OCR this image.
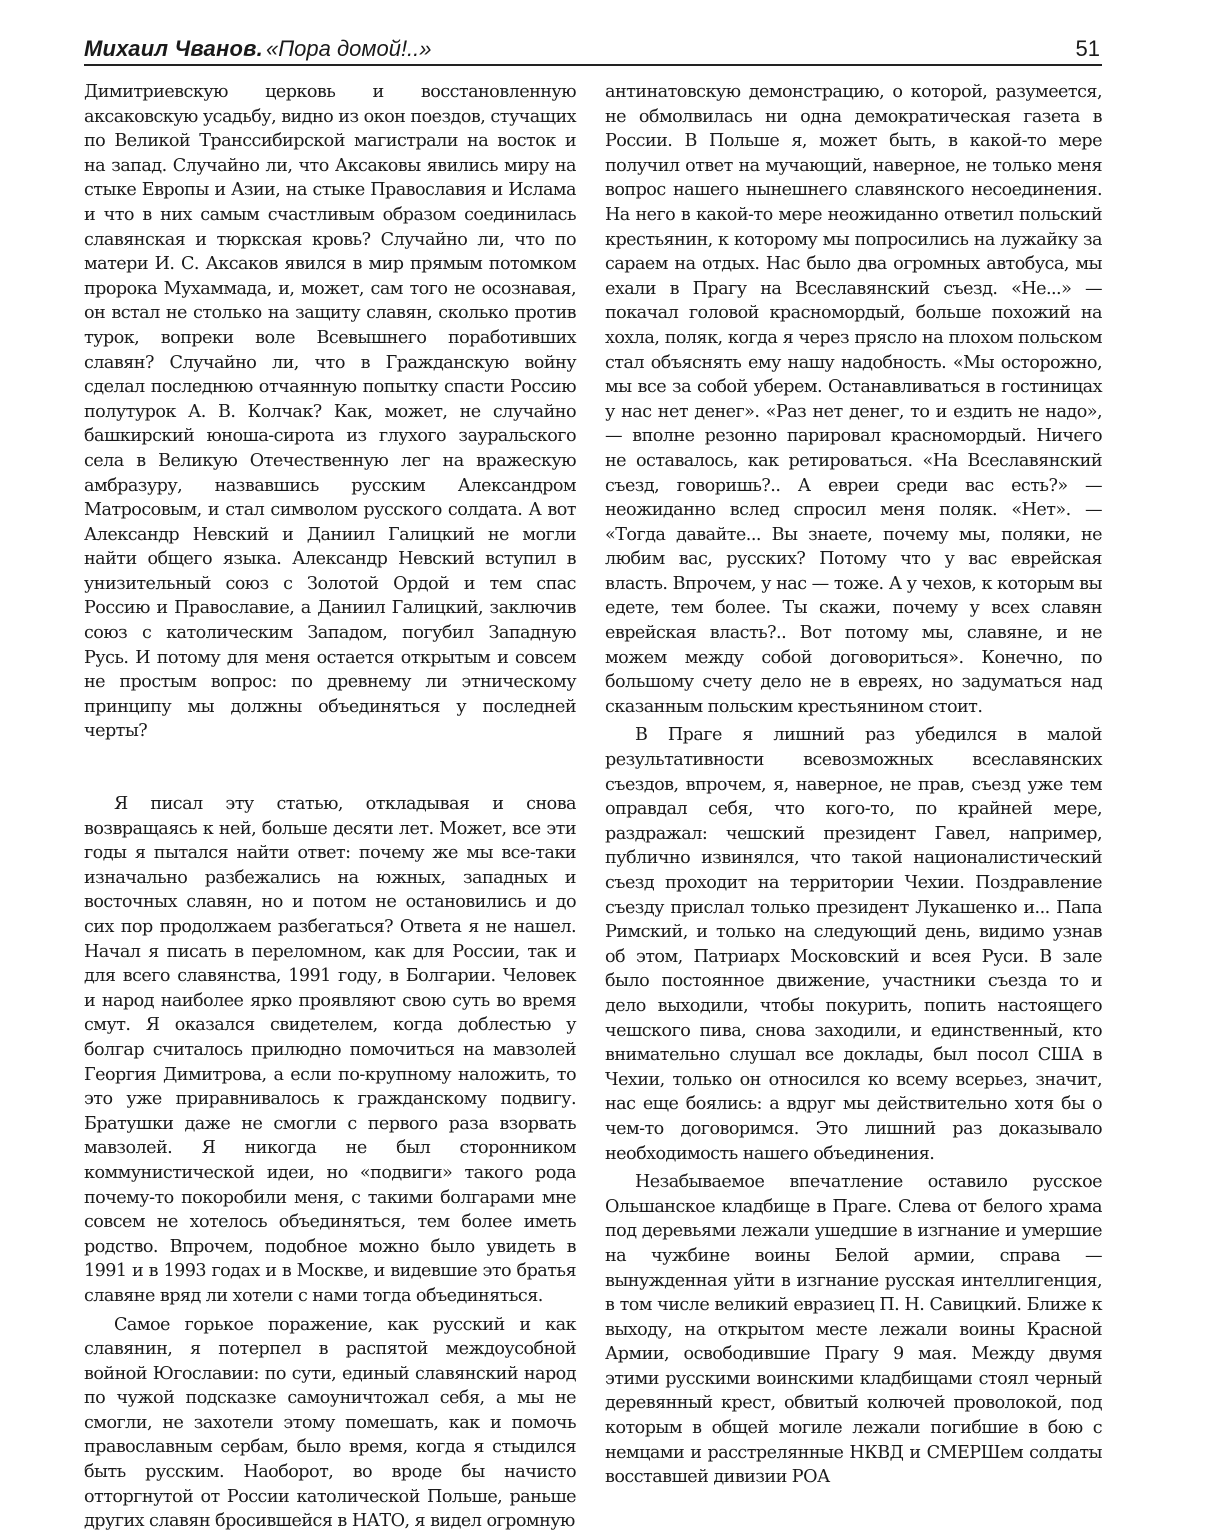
Михаил Чванов. «Пора домой!..»	51

Димитриевскую церковь и восстановленную аксаковскую усадьбу, видно из окон поездов, стучащих по Великой Транссибирской магистрали на восток и на запад. Случайно ли, что Аксаковы явились миру на стыке Европы и Азии, на стыке Православия и Ислама и что в них самым счастливым образом соединилась славянская и тюркская кровь? Случайно ли, что по матери И. С. Аксаков явился в мир прямым потомком пророка Мухаммада, и, может, сам того не осознавая, он встал не столько на защиту славян, сколько против турок, вопреки воле Всевышнего поработивших славян? Случайно ли, что в Гражданскую войну сделал последнюю отчаянную попытку спасти Россию полутурок А. В. Колчак? Как, может, не случайно башкирский юноша-сирота из глухого зауральского села в Великую Отечественную лег на вражескую амбразуру, назвавшись русским Александром Матросовым, и стал символом русского солдата. А вот Александр Невский и Даниил Галицкий не могли найти общего языка. Александр Невский вступил в унизительный союз с Золотой Ордой и тем спас Россию и Православие, а Даниил Галицкий, заключив союз с католическим Западом, погубил Западную Русь. И потому для меня остается открытым и совсем не простым вопрос: по древнему ли этническому принципу мы должны объединяться у последней черты?

Я писал эту статью, откладывая и снова возвращаясь к ней, больше десяти лет. Может, все эти годы я пытался найти ответ: почему же мы все-таки изначально разбежались на южных, западных и восточных славян, но и потом не остановились и до сих пор продолжаем разбегаться? Ответа я не нашел. Начал я писать в переломном, как для России, так и для всего славянства, 1991 году, в Болгарии. Человек и народ наиболее ярко проявляют свою суть во время смут. Я оказался свидетелем, когда доблестью у болгар считалось прилюдно помочиться на мавзолей Георгия Димитрова, а если по-крупному наложить, то это уже приравнивалось к гражданскому подвигу. Братушки даже не смогли с первого раза взорвать мавзолей. Я никогда не был сторонником коммунистической идеи, но «подвиги» такого рода почему-то покоробили меня, с такими болгарами мне совсем не хотелось объединяться, тем более иметь родство. Впрочем, подобное можно было увидеть в 1991 и в 1993 годах и в Москве, и видевшие это братья славяне вряд ли хотели с нами тогда объединяться.

Самое горькое поражение, как русский и как славянин, я потерпел в распятой междоусобной войной Югославии: по сути, единый славянский народ по чужой подсказке самоуничтожал себя, а мы не смогли, не захотели этому помешать, как и помочь православным сербам, было время, когда я стыдился быть русским. Наоборот, во вроде бы начисто отторгнутой от России католической Польше, раньше других славян бросившейся в НАТО, я видел огромную

антинатовскую демонстрацию, о которой, разумеется, не обмолвилась ни одна демократическая газета в России. В Польше я, может быть, в какой-то мере получил ответ на мучающий, наверное, не только меня вопрос нашего нынешнего славянского несоединения. На него в какой-то мере неожиданно ответил польский крестьянин, к которому мы попросились на лужайку за сараем на отдых. Нас было два огромных автобуса, мы ехали в Прагу на Всеславянский съезд. «Не...» — покачал головой красномордый, больше похожий на хохла, поляк, когда я через прясло на плохом польском стал объяснять ему нашу надобность. «Мы осторожно, мы все за собой уберем. Останавливаться в гостиницах у нас нет денег». «Раз нет денег, то и ездить не надо», — вполне резонно парировал красномордый. Ничего не оставалось, как ретироваться. «На Всеславянский съезд, говоришь?.. А евреи среди вас есть?» — неожиданно вслед спросил меня поляк. «Нет». — «Тогда давайте... Вы знаете, почему мы, поляки, не любим вас, русских? Потому что у вас еврейская власть. Впрочем, у нас — тоже. А у чехов, к которым вы едете, тем более. Ты скажи, почему у всех славян еврейская власть?.. Вот потому мы, славяне, и не можем между собой договориться». Конечно, по большому счету дело не в евреях, но задуматься над сказанным польским крестьянином стоит.

В Праге я лишний раз убедился в малой результативности всевозможных всеславянских съездов, впрочем, я, наверное, не прав, съезд уже тем оправдал себя, что кого-то, по крайней мере, раздражал: чешский президент Гавел, например, публично извинялся, что такой националистический съезд проходит на территории Чехии. Поздравление съезду прислал только президент Лукашенко и... Папа Римский, и только на следующий день, видимо узнав об этом, Патриарх Московский и всея Руси. В зале было постоянное движение, участники съезда то и дело выходили, чтобы покурить, попить настоящего чешского пива, снова заходили, и единственный, кто внимательно слушал все доклады, был посол США в Чехии, только он относился ко всему всерьез, значит, нас еще боялись: а вдруг мы действительно хотя бы о чем-то договоримся. Это лишний раз доказывало необходимость нашего объединения.

Незабываемое впечатление оставило русское Ольшанское кладбище в Праге. Слева от белого храма под деревьями лежали ушедшие в изгнание и умершие на чужбине воины Белой армии, справа — вынужденная уйти в изгнание русская интеллигенция, в том числе великий евразиец П. Н. Савицкий. Ближе к выходу, на открытом месте лежали воины Красной Армии, освободившие Прагу 9 мая. Между двумя этими русскими воинскими кладбищами стоял черный деревянный крест, обвитый колючей проволокой, под которым в общей могиле лежали погибшие в бою с немцами и расстрелянные НКВД и СМЕРШем солдаты восставшей дивизии РОА
